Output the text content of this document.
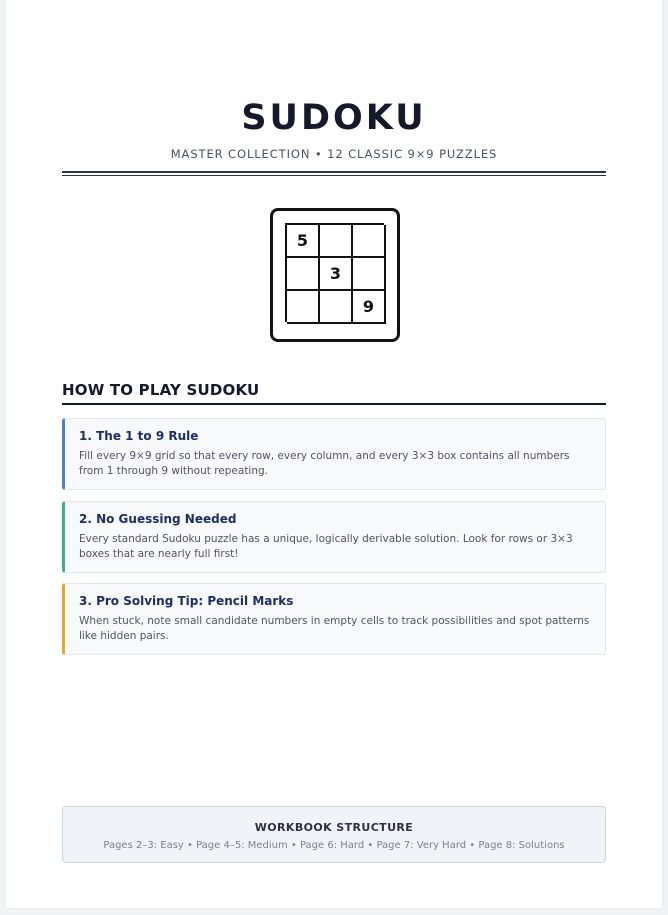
SUDOKU
MASTER COLLECTION • 12 CLASSIC 9×9 PUZZLES
5
3
9
HOW TO PLAY SUDOKU
1. The 1 to 9 Rule
Fill every 9×9 grid so that every row, every column, and every 3×3 box contains all numbers from 1 through 9 without repeating.
2. No Guessing Needed
Every standard Sudoku puzzle has a unique, logically derivable solution. Look for rows or 3×3 boxes that are nearly full first!
3. Pro Solving Tip: Pencil Marks
When stuck, note small candidate numbers in empty cells to track possibilities and spot patterns like hidden pairs.
WORKBOOK STRUCTURE
Pages 2–3: Easy • Page 4–5: Medium • Page 6: Hard • Page 7: Very Hard • Page 8: Solutions
